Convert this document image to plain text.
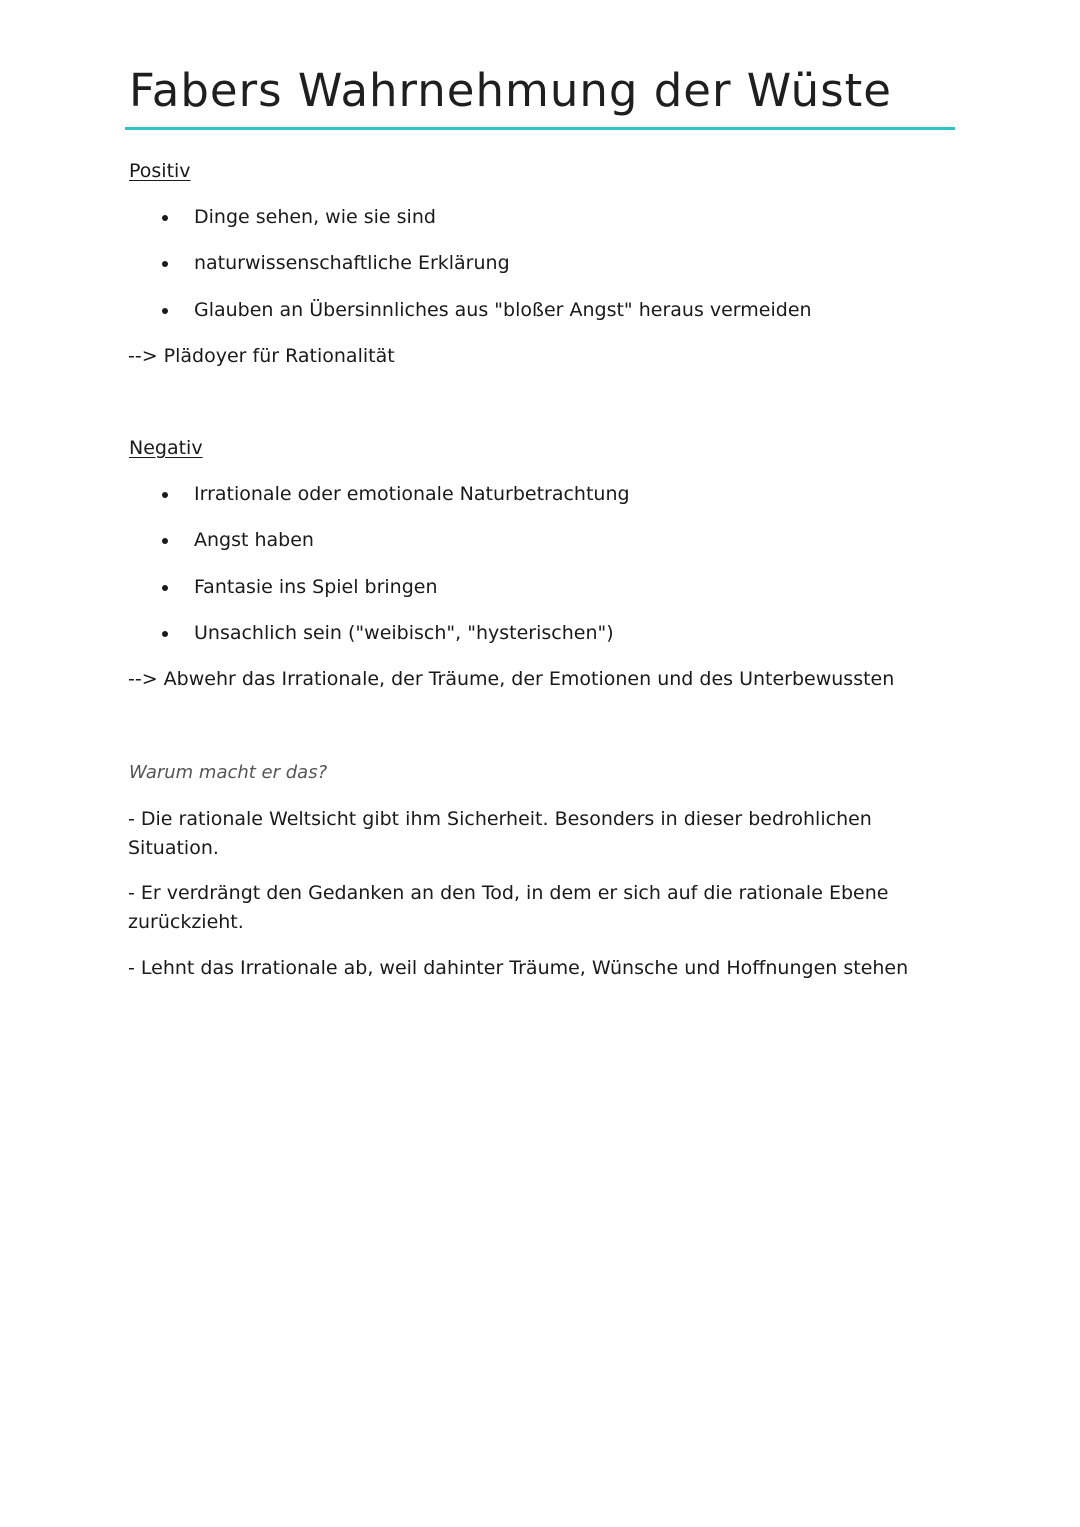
Fabers Wahrnehmung der Wüste

Positiv

Dinge sehen, wie sie sind
naturwissenschaftliche Erklärung
Glauben an Übersinnliches aus "bloßer Angst" heraus vermeiden

--> Plädoyer für Rationalität

Negativ

Irrationale oder emotionale Naturbetrachtung
Angst haben
Fantasie ins Spiel bringen
Unsachlich sein ("weibisch", "hysterischen")

--> Abwehr das Irrationale, der Träume, der Emotionen und des Unterbewussten

Warum macht er das?

- Die rationale Weltsicht gibt ihm Sicherheit. Besonders in dieser bedrohlichen Situation.

- Er verdrängt den Gedanken an den Tod, in dem er sich auf die rationale Ebene zurückzieht.

- Lehnt das Irrationale ab, weil dahinter Träume, Wünsche und Hoffnungen stehen
